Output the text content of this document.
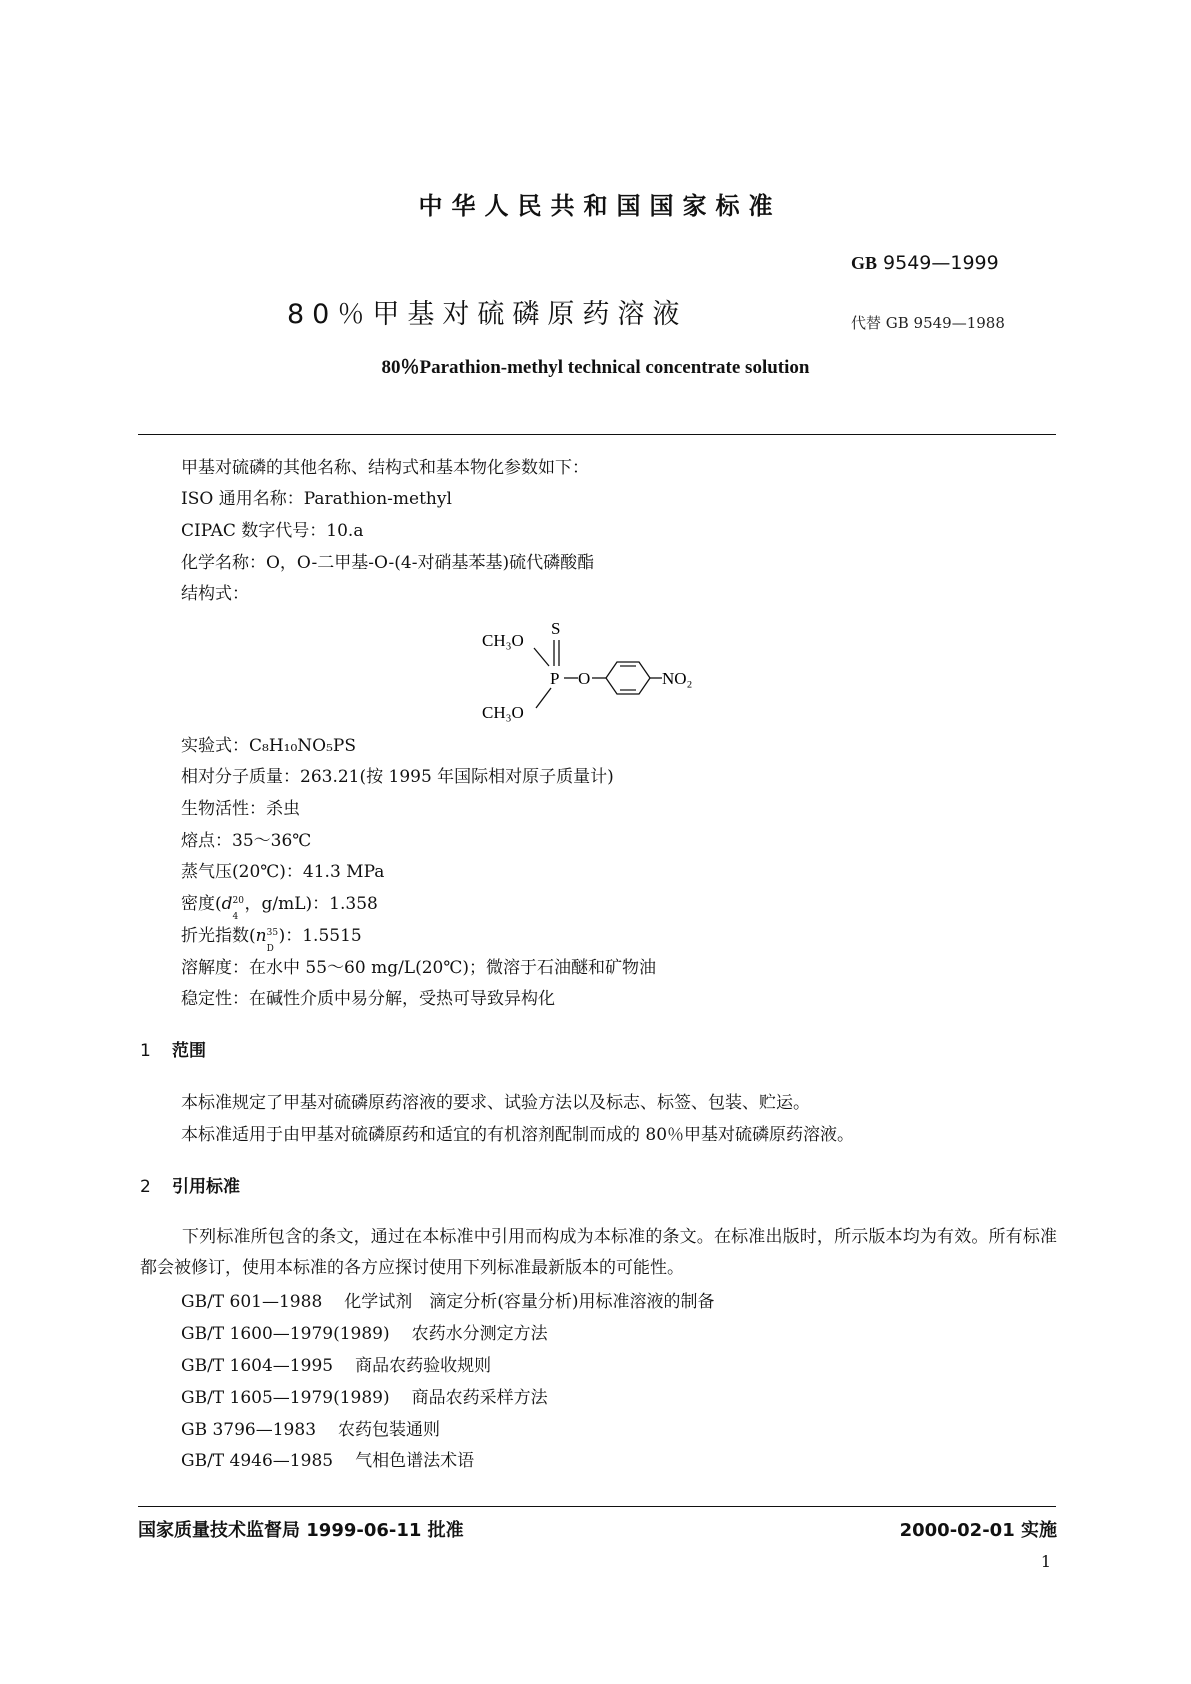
中华人民共和国国家标准
GB 9549—1999
80％甲基对硫磷原药溶液	代替 GB 9549—1988
80％Parathion-methyl technical concentrate solution
甲基对硫磷的其他名称、结构式和基本物化参数如下：
ISO 通用名称：Parathion-methyl
CIPAC 数字代号：10.a
化学名称：O，O-二甲基-O-(4-对硝基苯基)硫代磷酸酯
结构式：
CH₃O
S
P O	NO₂
CH₃O
实验式：C₈H₁₀NO₅PS
相对分子质量：263.21(按 1995 年国际相对原子质量计)
生物活性：杀虫
熔点：35～36℃
蒸气压(20℃)：41.3 MPa
密度(d 20
4
，g/mL)：1.358
折光指数(n 35
D
)：1.5515
溶解度：在水中 55～60 mg/L(20℃)；微溶于石油醚和矿物油
稳定性：在碱性介质中易分解，受热可导致异构化
1 范围
本标准规定了甲基对硫磷原药溶液的要求、试验方法以及标志、标签、包装、贮运。
本标准适用于由甲基对硫磷原药和适宜的有机溶剂配制而成的 80％甲基对硫磷原药溶液。
2 引用标准
下列标准所包含的条文，通过在本标准中引用而构成为本标准的条文。在标准出版时，所示版本均为有效。所有标准都会被修订，使用本标准的各方应探讨使用下列标准最新版本的可能性。
GB/T 601—1988 化学试剂　滴定分析(容量分析)用标准溶液的制备
GB/T 1600—1979(1989) 农药水分测定方法
GB/T 1604—1995 商品农药验收规则
GB/T 1605—1979(1989) 商品农药采样方法
GB 3796—1983 农药包装通则
GB/T 4946—1985 气相色谱法术语
国家质量技术监督局 1999-06-11 批准	2000-02-01 实施
1
